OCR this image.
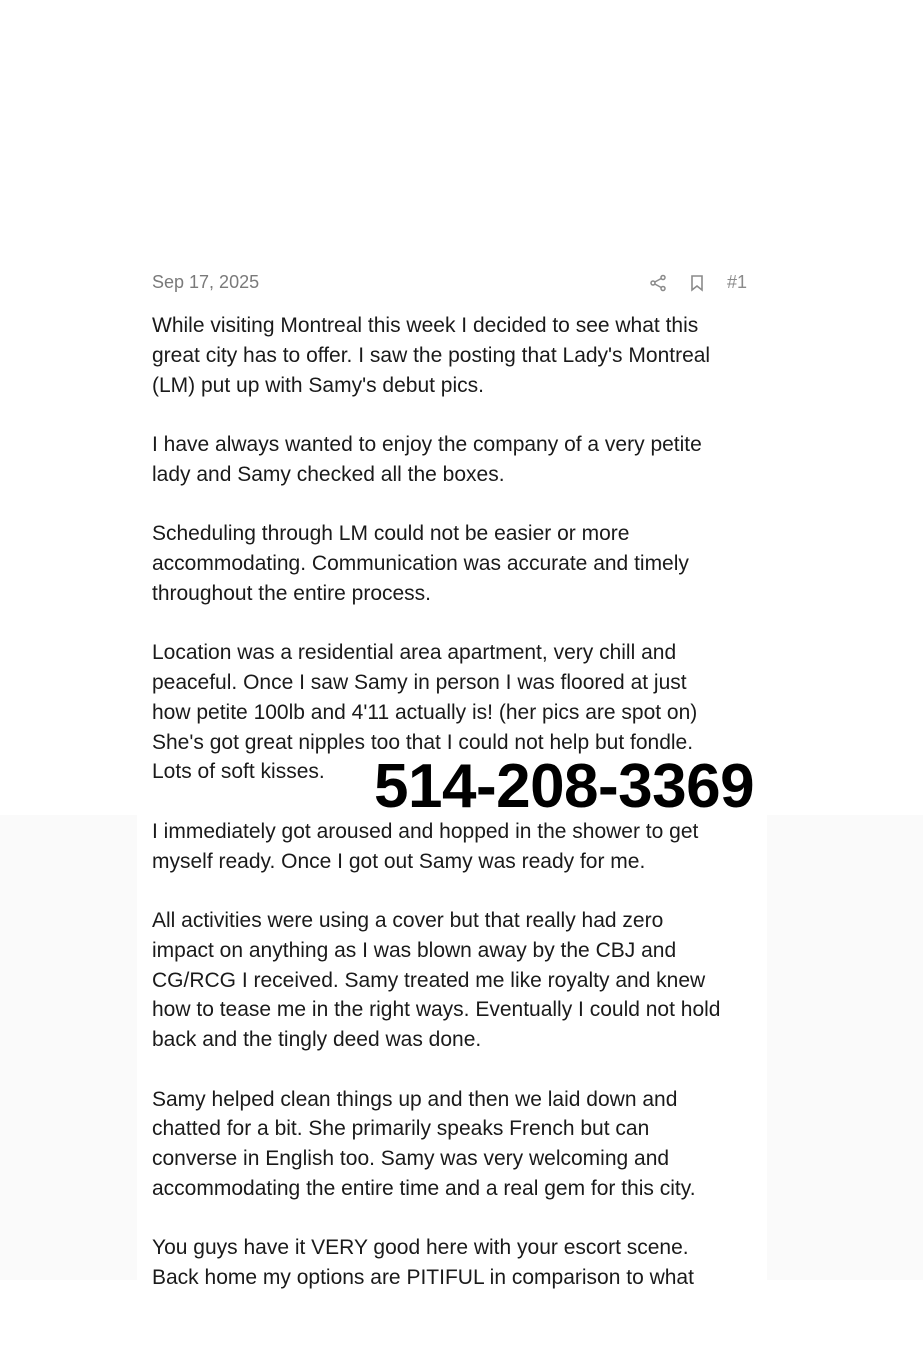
Sep 17, 2025	#1
While visiting Montreal this week I decided to see what this
great city has to offer. I saw the posting that Lady's Montreal
(LM) put up with Samy's debut pics.
I have always wanted to enjoy the company of a very petite
lady and Samy checked all the boxes.
Scheduling through LM could not be easier or more
accommodating. Communication was accurate and timely
throughout the entire process.
Location was a residential area apartment, very chill and
peaceful. Once I saw Samy in person I was floored at just
how petite 100lb and 4'11 actually is! (her pics are spot on)
She's got great nipples too that I could not help but fondle.
Lots of soft kisses.
I immediately got aroused and hopped in the shower to get
myself ready. Once I got out Samy was ready for me.
All activities were using a cover but that really had zero
impact on anything as I was blown away by the CBJ and
CG/RCG I received. Samy treated me like royalty and knew
how to tease me in the right ways. Eventually I could not hold
back and the tingly deed was done.
Samy helped clean things up and then we laid down and
chatted for a bit. She primarily speaks French but can
converse in English too. Samy was very welcoming and
accommodating the entire time and a real gem for this city.
You guys have it VERY good here with your escort scene.
Back home my options are PITIFUL in comparison to what
514-208-3369
